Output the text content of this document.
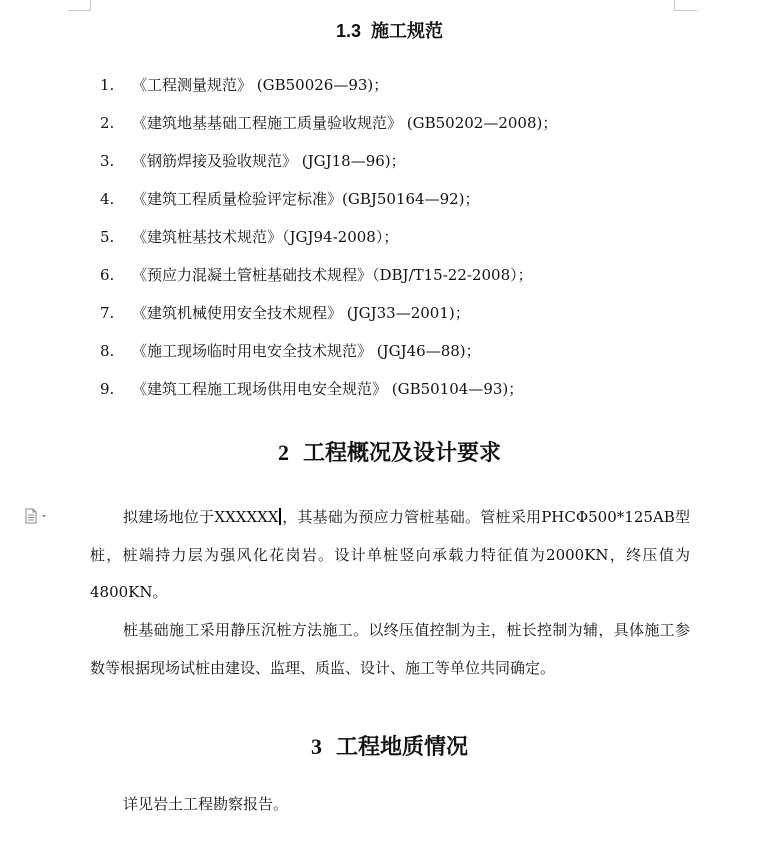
1.3 施工规范
1. 《工程测量规范》 (GB50026—93)；
2. 《建筑地基基础工程施工质量验收规范》 (GB50202—2008)；
3. 《钢筋焊接及验收规范》 (JGJ18—96)；
4. 《建筑工程质量检验评定标准》(GBJ50164—92)；
5. 《建筑桩基技术规范》（JGJ94-2008）；
6. 《预应力混凝土管桩基础技术规程》（DBJ/T15-22-2008）；
7. 《建筑机械使用安全技术规程》 (JGJ33—2001)；
8. 《施工现场临时用电安全技术规范》 (JGJ46—88)；
9. 《建筑工程施工现场供用电安全规范》 (GB50104—93)；
2 工程概况及设计要求

拟建场地位于XXXXXX ，其基础为预应力管桩基础。管桩采用PHCΦ500*125AB型桩，桩端持力层为强风化花岗岩。设计单桩竖向承载力特征值为2000KN，终压值为4800KN。

桩基础施工采用静压沉桩方法施工。以终压值控制为主，桩长控制为辅，具体施工参数等根据现场试桩由建设、监理、质监、设计、施工等单位共同确定。

3 工程地质情况

详见岩土工程勘察报告。
